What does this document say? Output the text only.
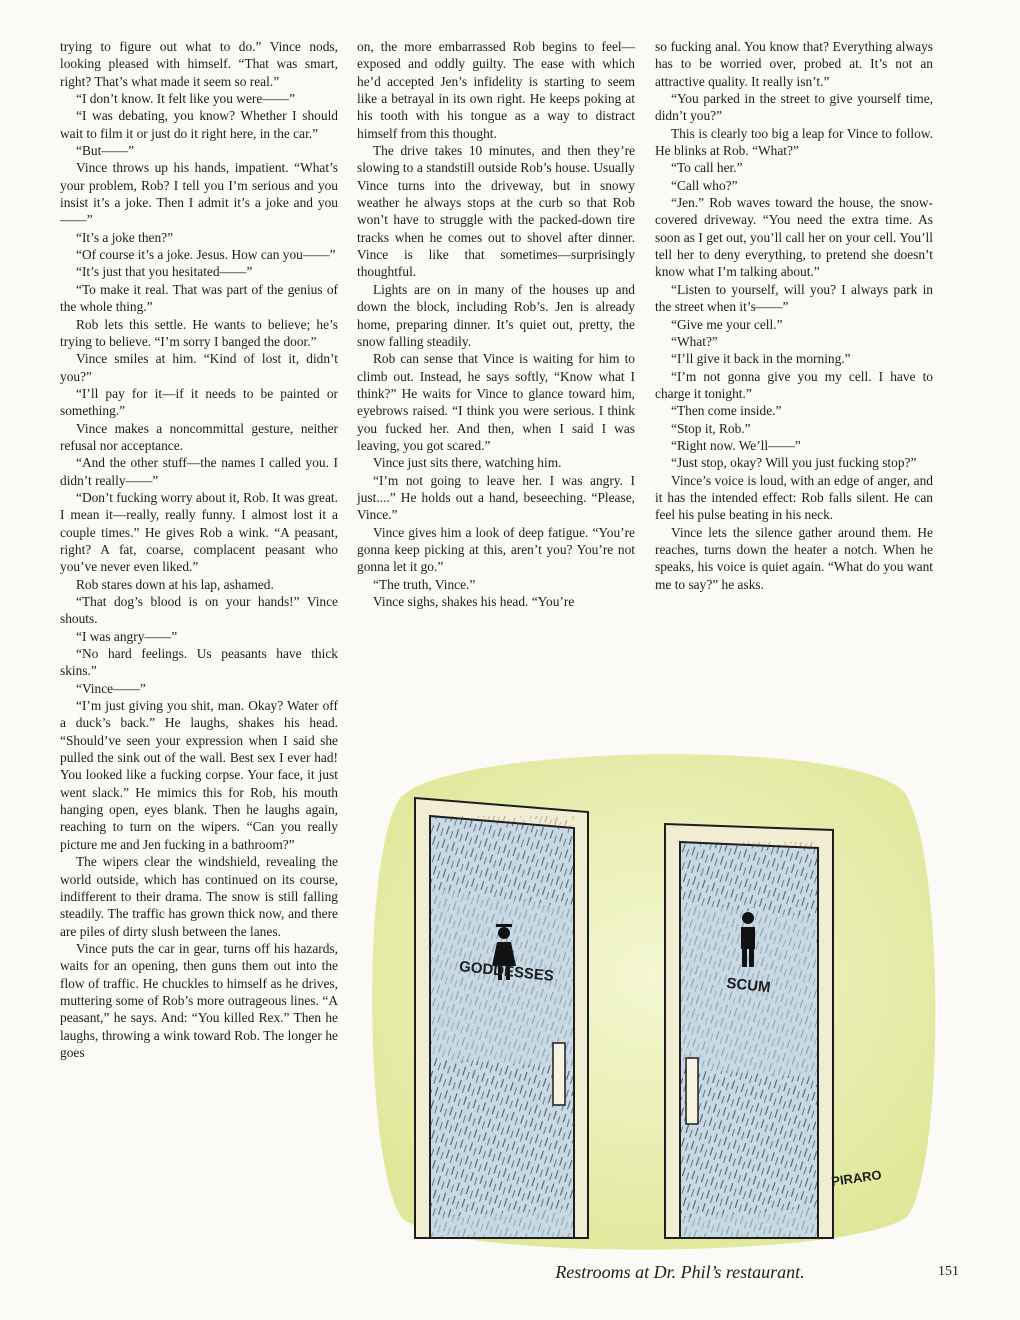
trying to figure out what to do.” Vince nods, looking pleased with himself. “That was smart, right? That’s what made it seem so real.”

“I don’t know. It felt like you were——”

“I was debating, you know? Whether I should wait to film it or just do it right here, in the car.”

“But——”

Vince throws up his hands, impatient. “What’s your problem, Rob? I tell you I’m serious and you insist it’s a joke. Then I admit it’s a joke and you——”

“It’s a joke then?”

“Of course it’s a joke. Jesus. How can you——”

“It’s just that you hesitated——”

“To make it real. That was part of the genius of the whole thing.”

Rob lets this settle. He wants to believe; he’s trying to believe. “I’m sorry I banged the door.”

Vince smiles at him. “Kind of lost it, didn’t you?”

“I’ll pay for it—if it needs to be painted or something.”

Vince makes a noncommittal gesture, neither refusal nor acceptance.

“And the other stuff—the names I called you. I didn’t really——”

“Don’t fucking worry about it, Rob. It was great. I mean it—really, really funny. I almost lost it a couple times.” He gives Rob a wink. “A peasant, right? A fat, coarse, complacent peasant who you’ve never even liked.”

Rob stares down at his lap, ashamed.

“That dog’s blood is on your hands!” Vince shouts.

“I was angry——”

“No hard feelings. Us peasants have thick skins.”

“Vince——”

“I’m just giving you shit, man. Okay? Water off a duck’s back.” He laughs, shakes his head. “Should’ve seen your expression when I said she pulled the sink out of the wall. Best sex I ever had! You looked like a fucking corpse. Your face, it just went slack.” He mimics this for Rob, his mouth hanging open, eyes blank. Then he laughs again, reaching to turn on the wipers. “Can you really picture me and Jen fucking in a bathroom?”

The wipers clear the windshield, revealing the world outside, which has continued on its course, indifferent to their drama. The snow is still falling steadily. The traffic has grown thick now, and there are piles of dirty slush between the lanes.

Vince puts the car in gear, turns off his hazards, waits for an opening, then guns them out into the flow of traffic. He chuckles to himself as he drives, muttering some of Rob’s more outrageous lines. “A peasant,” he says. And: “You killed Rex.” Then he laughs, throwing a wink toward Rob. The longer he goes

on, the more embarrassed Rob begins to feel—exposed and oddly guilty. The ease with which he’d accepted Jen’s infidelity is starting to seem like a betrayal in its own right. He keeps poking at his tooth with his tongue as a way to distract himself from this thought.

The drive takes 10 minutes, and then they’re slowing to a standstill outside Rob’s house. Usually Vince turns into the driveway, but in snowy weather he always stops at the curb so that Rob won’t have to struggle with the packed-down tire tracks when he comes out to shovel after dinner. Vince is like that sometimes—surprisingly thoughtful.

Lights are on in many of the houses up and down the block, including Rob’s. Jen is already home, preparing dinner. It’s quiet out, pretty, the snow falling steadily.

Rob can sense that Vince is waiting for him to climb out. Instead, he says softly, “Know what I think?” He waits for Vince to glance toward him, eyebrows raised. “I think you were serious. I think you fucked her. And then, when I said I was leaving, you got scared.”

Vince just sits there, watching him.

“I’m not going to leave her. I was angry. I just....” He holds out a hand, beseeching. “Please, Vince.”

Vince gives him a look of deep fatigue. “You’re gonna keep picking at this, aren’t you? You’re not gonna let it go.”

“The truth, Vince.”

Vince sighs, shakes his head. “You’re

so fucking anal. You know that? Everything always has to be worried over, probed at. It’s not an attractive quality. It really isn’t.”

“You parked in the street to give yourself time, didn’t you?”

This is clearly too big a leap for Vince to follow. He blinks at Rob. “What?”

“To call her.”

“Call who?”

“Jen.” Rob waves toward the house, the snow-covered driveway. “You need the extra time. As soon as I get out, you’ll call her on your cell. You’ll tell her to deny everything, to pretend she doesn’t know what I’m talking about.”

“Listen to yourself, will you? I always park in the street when it’s——”

“Give me your cell.”

“What?”

“I’ll give it back in the morning.”

“I’m not gonna give you my cell. I have to charge it tonight.”

“Then come inside.”

“Stop it, Rob.”

“Right now. We’ll——”

“Just stop, okay? Will you just fucking stop?”

Vince’s voice is loud, with an edge of anger, and it has the intended effect: Rob falls silent. He can feel his pulse beating in his neck.

Vince lets the silence gather around them. He reaches, turns down the heater a notch. When he speaks, his voice is quiet again. “What do you want me to say?” he asks.

GODDESSES
SCUM
PIRARO
Restrooms at Dr. Phil’s restaurant.	151
